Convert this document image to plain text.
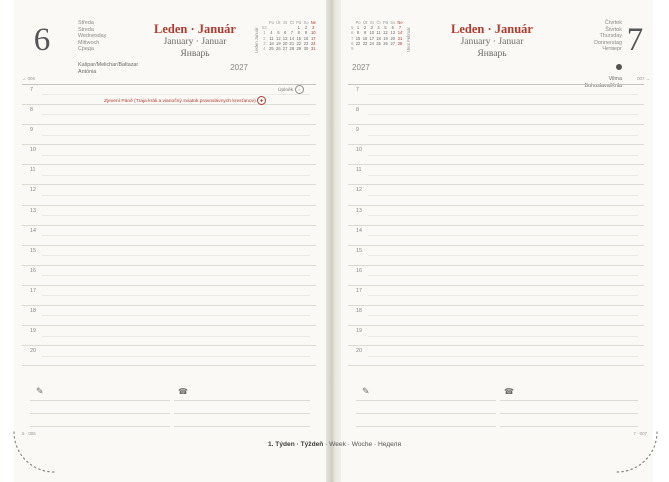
6	Středa
Streda
Wednesday
Mittwoch
Среда
Leden · Január
January · Januar
Январь
2027
Leden Január
	Po	Út	St	Čt	Pá	So	Ne
53					1	2	3
1	4	5	6	7	8	9	10
2	11	12	13	14	15	16	17
3	18	19	20	21	22	23	24
4	25	26	27	28	29	30	31
Kašpar/Melichar/Baltazar
Antónia
← 006
7
8
9
10
11
12
13
14
15
16
17
18
19
20
Zjevení Páně (Traja králi a vianočný sviatok pravoslávnych kresťanov) ✚
Úplněk ○
✎	☎
6 · 006
	Po	Út	St	Čt	Pá	So	Ne
5	1	2	3	4	5	6	7
6	8	9	10	11	12	13	14
7	15	16	17	18	19	20	21
8	22	23	24	25	26	27	28
9								Únor Február
2027
Leden · Január
January · Januar
Январь
Čtvrtek
Štvrtok
Thursday
Donnerstag
Четверг 7
Vilma
Bohuslava/Krila
007 →
7
8
9
10
11
12
13
14
15
16
17
18
19
20
✎	☎
7 · 007
1. Týden · Týždeň · Week · Woche · Неделя
